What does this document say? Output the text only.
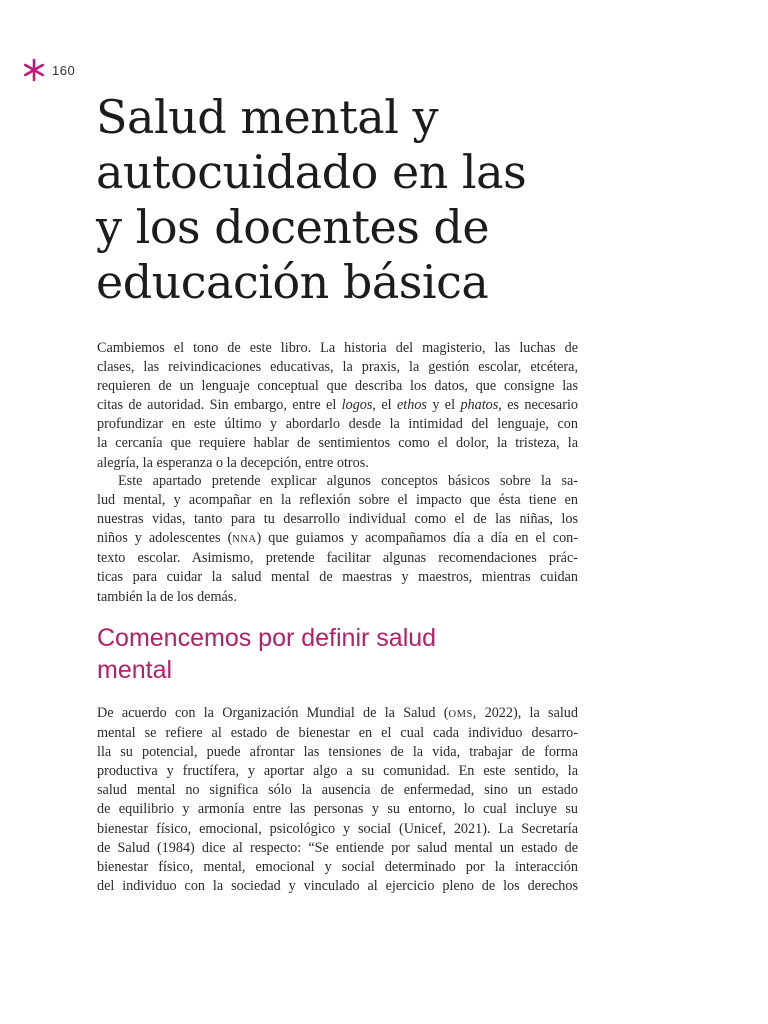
160
Salud mental y
autocuidado en las
y los docentes de
educación básica
Cambiemos el tono de este libro. La historia del magisterio, las luchas de
clases, las reivindicaciones educativas, la praxis, la gestión escolar, etcétera,
requieren de un lenguaje conceptual que describa los datos, que consigne las
citas de autoridad. Sin embargo, entre el logos, el ethos y el phatos, es necesario
profundizar en este último y abordarlo desde la intimidad del lenguaje, con
la cercanía que requiere hablar de sentimientos como el dolor, la tristeza, la
alegría, la esperanza o la decepción, entre otros.
Este apartado pretende explicar algunos conceptos básicos sobre la sa-
lud mental, y acompañar en la reflexión sobre el impacto que ésta tiene en
nuestras vidas, tanto para tu desarrollo individual como el de las niñas, los
niños y adolescentes (NNA) que guiamos y acompañamos día a día en el con-
texto escolar. Asimismo, pretende facilitar algunas recomendaciones prác-
ticas para cuidar la salud mental de maestras y maestros, mientras cuidan
también la de los demás.
Comencemos por definir salud
mental
De acuerdo con la Organización Mundial de la Salud (OMS, 2022), la salud
mental se refiere al estado de bienestar en el cual cada individuo desarro-
lla su potencial, puede afrontar las tensiones de la vida, trabajar de forma
productiva y fructífera, y aportar algo a su comunidad. En este sentido, la
salud mental no significa sólo la ausencia de enfermedad, sino un estado
de equilibrio y armonía entre las personas y su entorno, lo cual incluye su
bienestar físico, emocional, psicológico y social (Unicef, 2021). La Secretaría
de Salud (1984) dice al respecto: “Se entiende por salud mental un estado de
bienestar físico, mental, emocional y social determinado por la interacción
del individuo con la sociedad y vinculado al ejercicio pleno de los derechos
